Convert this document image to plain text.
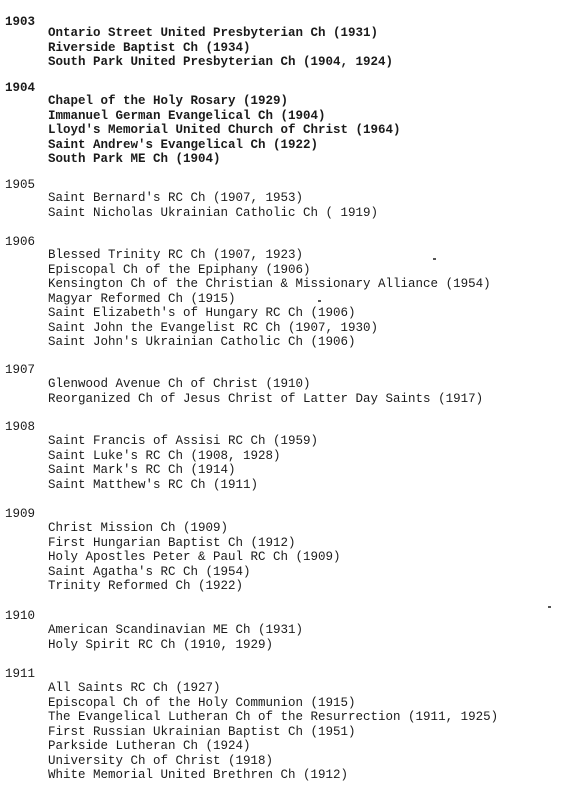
1903
Ontario Street United Presbyterian Ch (1931)
Riverside Baptist Ch (1934)
South Park United Presbyterian Ch (1904, 1924)
1904
Chapel of the Holy Rosary (1929)
Immanuel German Evangelical Ch (1904)
Lloyd's Memorial United Church of Christ (1964)
Saint Andrew's Evangelical Ch (1922)
South Park ME Ch (1904)
1905
Saint Bernard's RC Ch (1907, 1953)
Saint Nicholas Ukrainian Catholic Ch ( 1919)
1906
Blessed Trinity RC Ch (1907, 1923)
Episcopal Ch of the Epiphany (1906)
Kensington Ch of the Christian & Missionary Alliance (1954)
Magyar Reformed Ch (1915)
Saint Elizabeth's of Hungary RC Ch (1906)
Saint John the Evangelist RC Ch (1907, 1930)
Saint John's Ukrainian Catholic Ch (1906)
1907
Glenwood Avenue Ch of Christ (1910)
Reorganized Ch of Jesus Christ of Latter Day Saints (1917)
1908
Saint Francis of Assisi RC Ch (1959)
Saint Luke's RC Ch (1908, 1928)
Saint Mark's RC Ch (1914)
Saint Matthew's RC Ch (1911)
1909
Christ Mission Ch (1909)
First Hungarian Baptist Ch (1912)
Holy Apostles Peter & Paul RC Ch (1909)
Saint Agatha's RC Ch (1954)
Trinity Reformed Ch (1922)
1910
American Scandinavian ME Ch (1931)
Holy Spirit RC Ch (1910, 1929)
1911
All Saints RC Ch (1927)
Episcopal Ch of the Holy Communion (1915)
The Evangelical Lutheran Ch of the Resurrection (1911, 1925)
First Russian Ukrainian Baptist Ch (1951)
Parkside Lutheran Ch (1924)
University Ch of Christ (1918)
White Memorial United Brethren Ch (1912)
